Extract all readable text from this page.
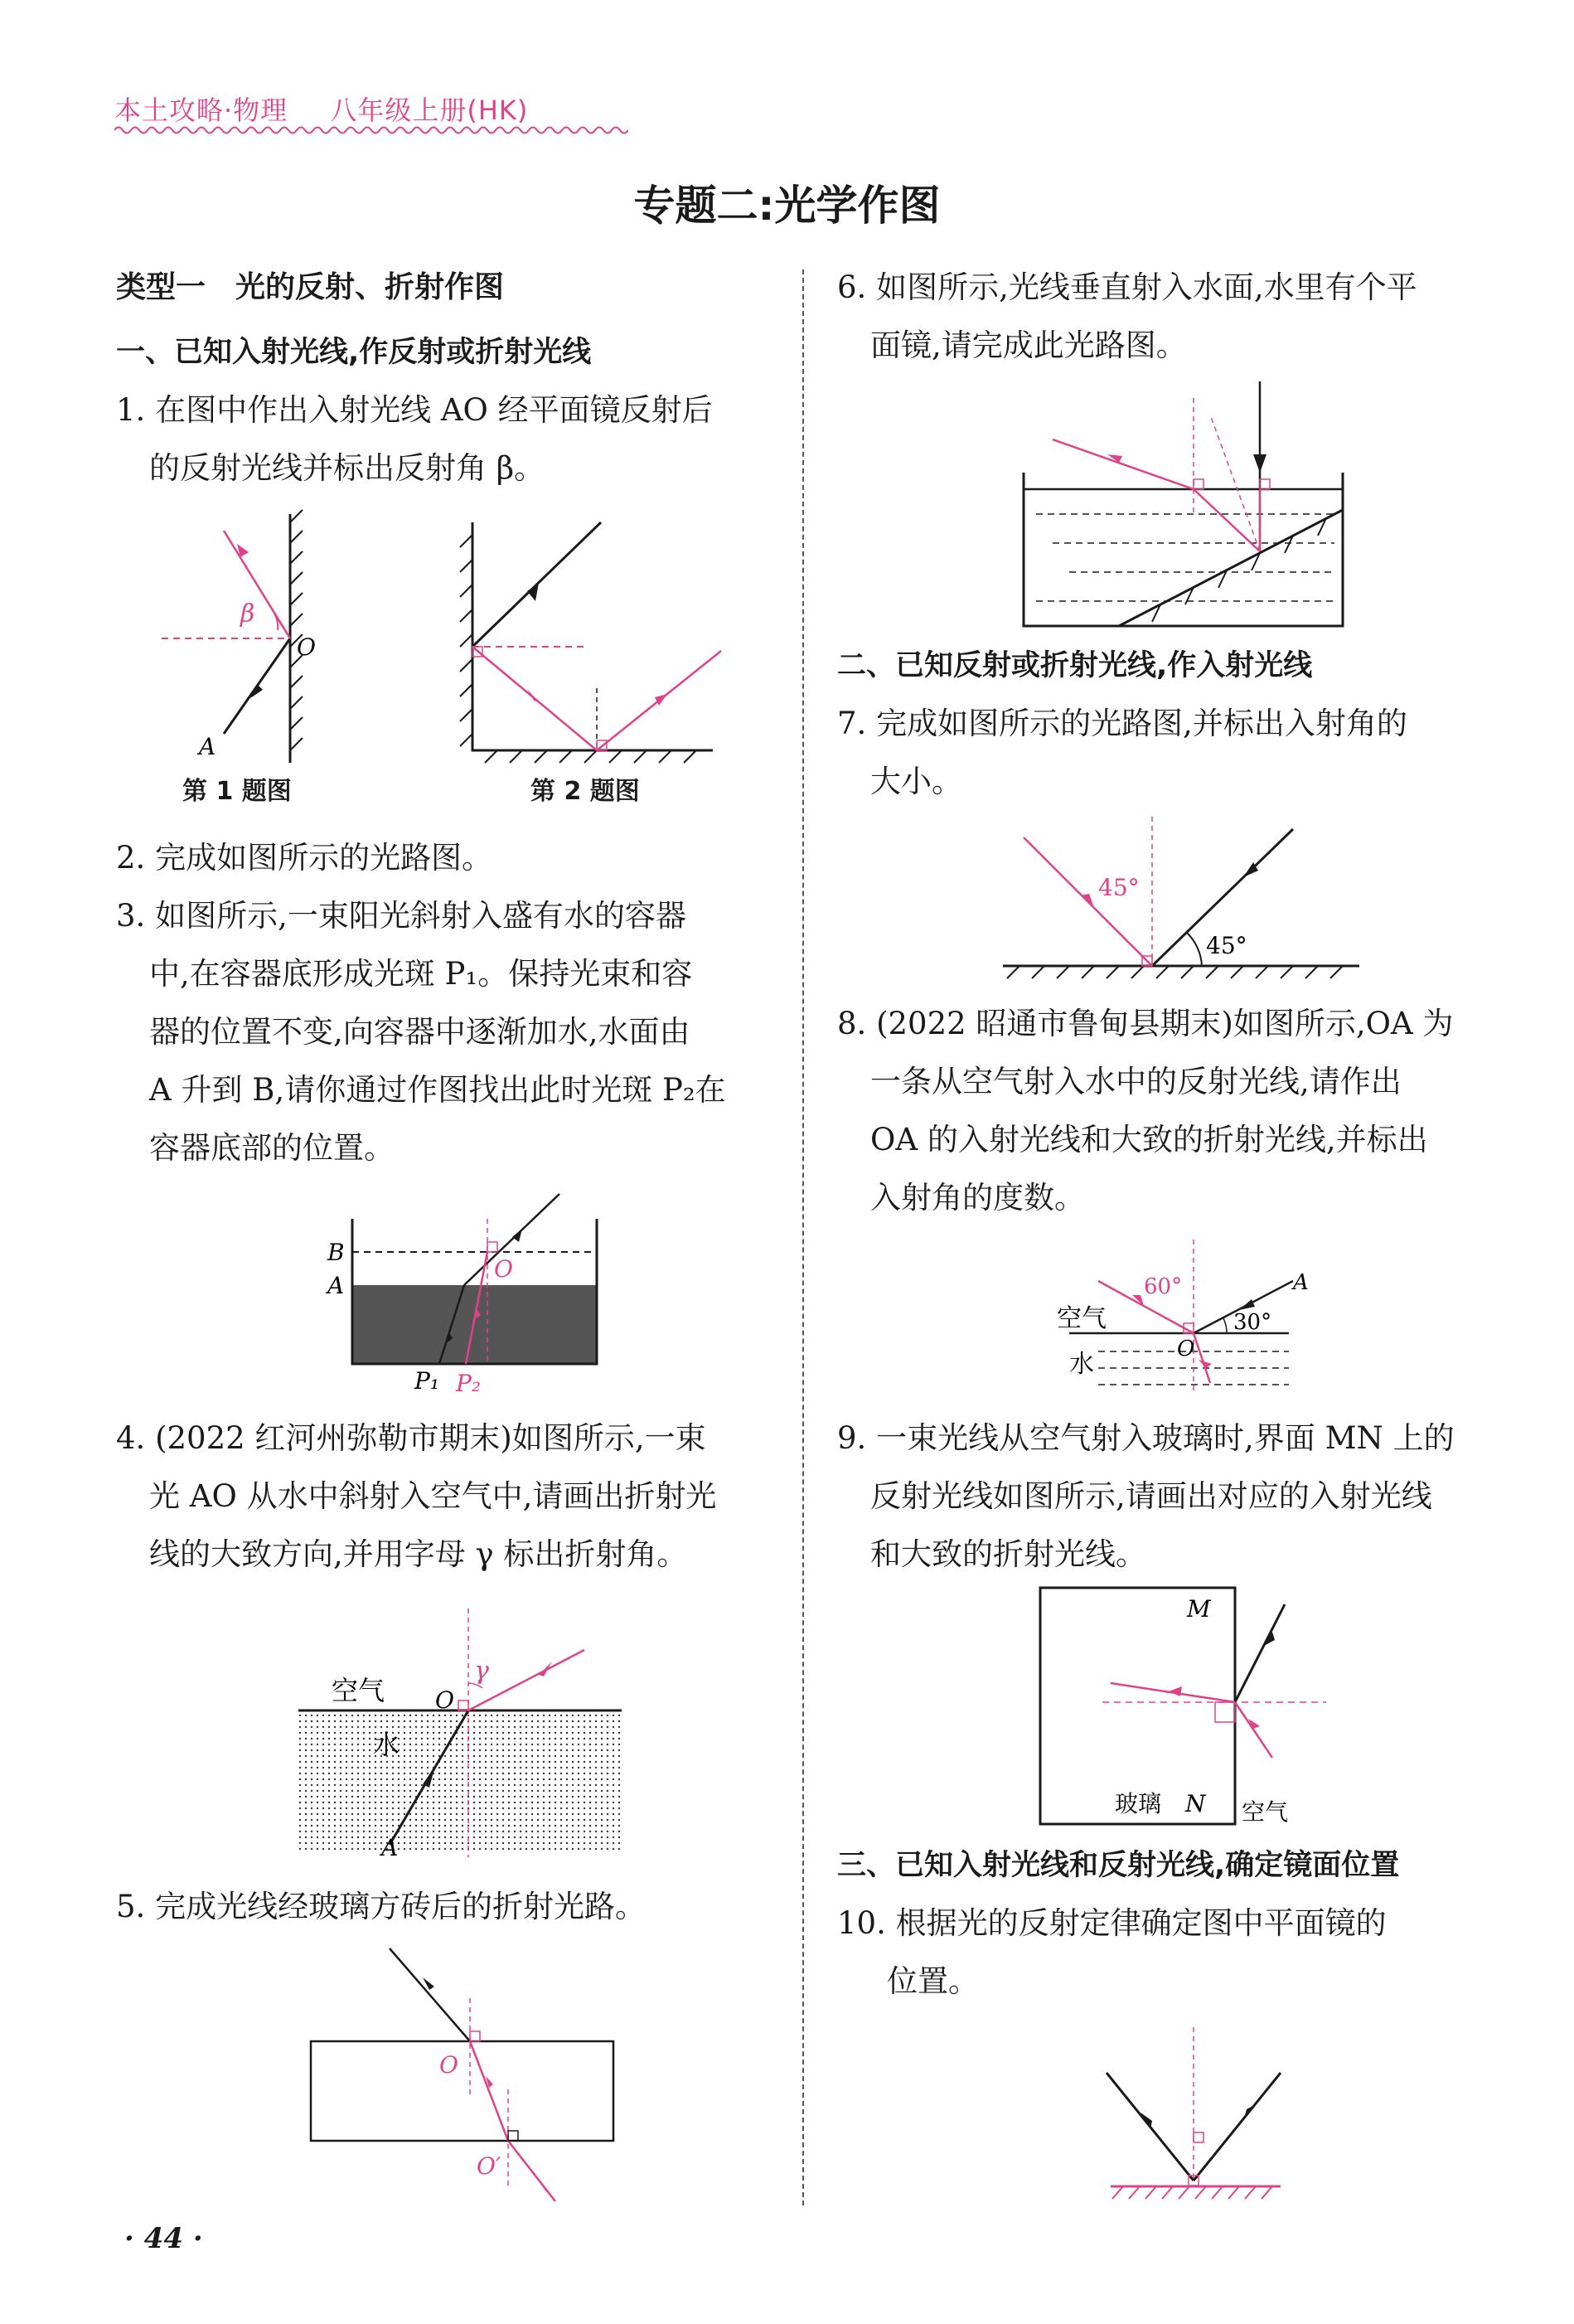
本土攻略·物理 八年级上册(HK)
专题二:光学作图
类型一　光的反射、折射作图
一、已知入射光线,作反射或折射光线
1. 在图中作出入射光线 AO 经平面镜反射后
的反射光线并标出反射角 β。
β
O
A
第 1 题图	第 2 题图
2. 完成如图所示的光路图。
3. 如图所示,一束阳光斜射入盛有水的容器
中,在容器底形成光斑 P₁。保持光束和容
器的位置不变,向容器中逐渐加水,水面由
A 升到 B,请你通过作图找出此时光斑 P₂在
容器底部的位置。
B
A
O
P₁ P₂
4. (2022 红河州弥勒市期末)如图所示,一束
光 AO 从水中斜射入空气中,请画出折射光
线的大致方向,并用字母 γ 标出折射角。
空气
水
O
γ
A
5. 完成光线经玻璃方砖后的折射光路。
O
O′
· 44 ·
6. 如图所示,光线垂直射入水面,水里有个平
面镜,请完成此光路图。
二、已知反射或折射光线,作入射光线
7. 完成如图所示的光路图,并标出入射角的
大小。
45°
45°
8. (2022 昭通市鲁甸县期末)如图所示,OA 为
一条从空气射入水中的反射光线,请作出
OA 的入射光线和大致的折射光线,并标出
入射角的度数。
空气
水
60°
30°
O
A
9. 一束光线从空气射入玻璃时,界面 MN 上的
反射光线如图所示,请画出对应的入射光线
和大致的折射光线。
M
N
玻璃	空气
三、已知入射光线和反射光线,确定镜面位置
10. 根据光的反射定律确定图中平面镜的
位置。
